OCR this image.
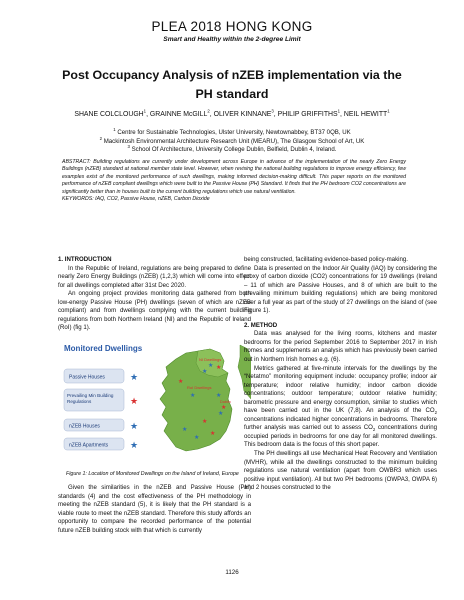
PLEA 2018 HONG KONG
Smart and Healthy within the 2-degree Limit
Post Occupancy Analysis of nZEB implementation via the
PH standard
SHANE COLCLOUGH$^1$, GRAINNE McGILL$^2$, OLIVER KINNANE$^3$, PHILIP GRIFFITHS$^1$, NEIL HEWITT$^1$
$^1$ Centre for Sustainable Technologies, Ulster University, Newtownabbey, BT37 0QB, UK
$^2$ Mackintosh Environmental Architecture Research Unit (MEARU), The Glasgow School of Art, UK
$^3$ School Of Architecture, University College Dublin, Belfield, Dublin 4, Ireland.
ABSTRACT: Building regulations are currently under development across Europe in advance of the implementation of the nearly Zero Energy Buildings (nZEB) standard at national member state level. However, when revising the national building regulations to improve energy efficiency, few examples exist of the monitored performance of such dwellings, making informed decision-making difficult. This paper reports on the monitored performance of nZEB compliant dwellings which were built to the Passive House (PH) Standard. It finds that the PH bedroom CO2 concentrations are significantly better than in houses built to the current building regulations which use natural ventilation.
KEYWORDS: IAQ, CO2, Passive House, nZEB, Carbon Dioxide

1. INTRODUCTION

In the Republic of Ireland, regulations are being prepared to define nearly Zero Energy Buildings (nZEB) (1,2,3) which will come into effect for all dwellings completed after 31st Dec 2020.

An ongoing project provides monitoring data gathered from both low-energy Passive House (PH) dwellings (seven of which are nZEB compliant) and from dwellings complying with the current building regulations from both Northern Ireland (NI) and the Republic of Ireland (RoI) (fig 1).

Monitored Dwellings
Passive Houses	★
Prevailing Min Building Regulations	★
nZEB Houses	★
nZEB Apartments ★
NI Dwellings
RoI Dwellings
Dublin
★ ★
★
★
★	★
★
★
★
★
★
★

Figure 1: Location of Monitored Dwellings on the Island of Ireland, Europe

Given the similarities in the nZEB and Passive House (PH) standards (4) and the cost effectiveness of the PH methodology in meeting the nZEB standard (5), it is likely that the PH standard is a viable route to meet the nZEB standard. Therefore this study affords an opportunity to compare the recorded performance of the potential future nZEB building stock with that which is currently

being constructed, facilitating evidence-based policy-making.

Data is presented on the Indoor Air Quality (IAQ) by considering the proxy of carbon dioxide (CO2) concentrations for 19 dwellings (Ireland – 11 of which are Passive Houses, and 8 of which are built to the prevailing minimum building regulations) which are being monitored over a full year as part of the study of 27 dwellings on the island of (see Figure 1).

2. METHOD

Data was analysed for the living rooms, kitchens and master bedrooms for the period September 2016 to September 2017 in Irish homes and supplements an analysis which has previously been carried out in Northern Irish homes e.g. (6).

Metrics gathered at five-minute intervals for the dwellings by the “Netatmo” monitoring equipment include: occupancy profile; indoor air temperature; indoor relative humidity; indoor carbon dioxide concentrations; outdoor temperature; outdoor relative humidity; barometric pressure and energy consumption, similar to studies which have been carried out in the UK (7,8). An analysis of the $CO_2$ concentrations indicated higher concentrations in bedrooms. Therefore further analysis was carried out to assess $CO_2$ concentrations during occupied periods in bedrooms for one day for all monitored dwellings. This bedroom data is the focus of this short paper.

The PH dwellings all use Mechanical Heat Recovery and Ventilation (MVHR), while all the dwellings constructed to the minimum building regulations use natural ventilation (apart from OWBR3 which uses positive input ventilation). All but two PH bedrooms (OWPA3, OWPA 6) and 2 houses constructed to the

1126
